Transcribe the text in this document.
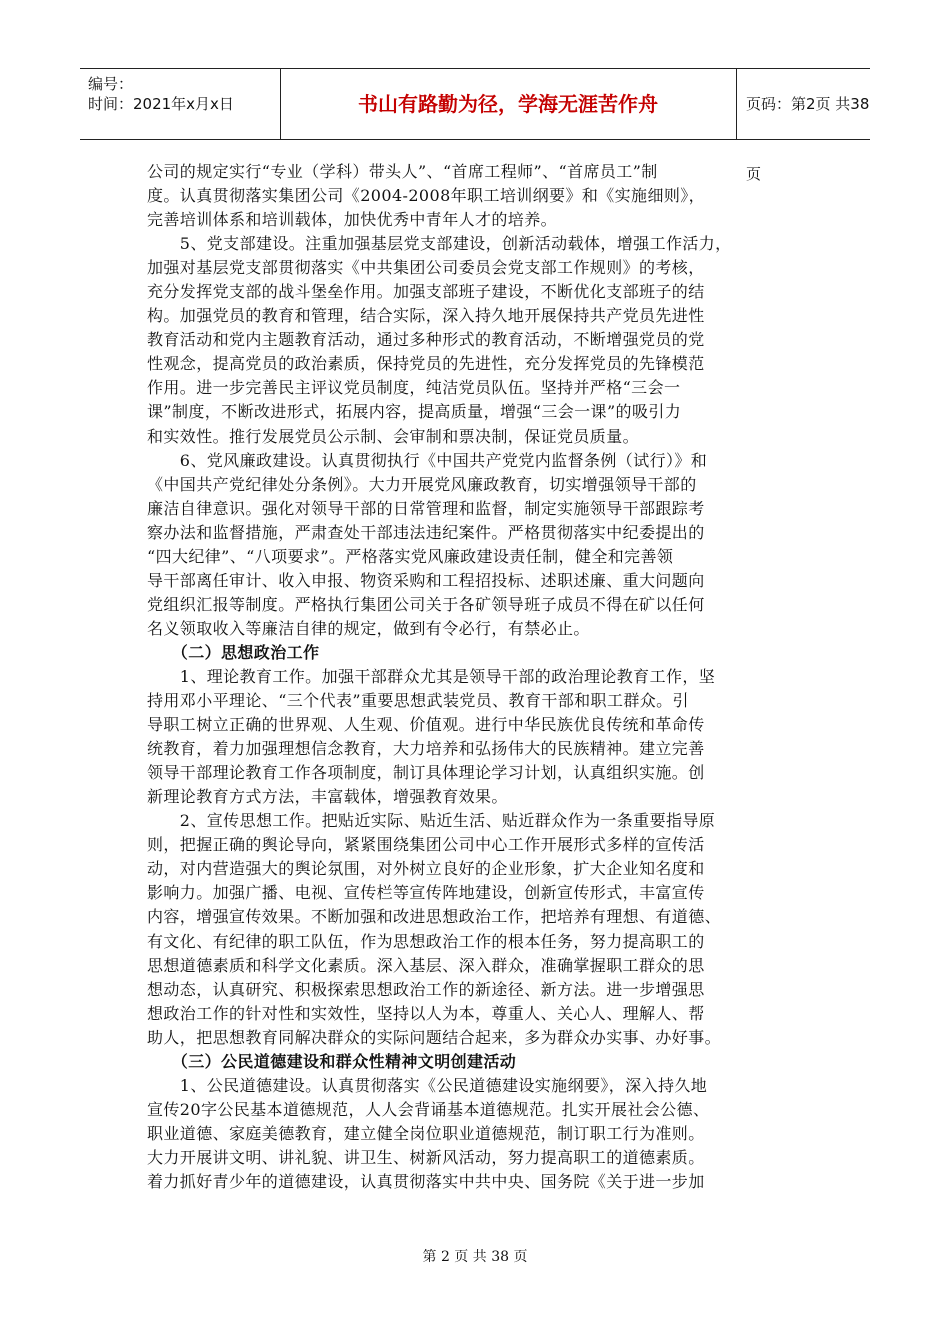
编号：
时间：2021年x月x日	书山有路勤为径，学海无涯苦作舟	页码：第2页 共38页
公司的规定实行“专业（学科）带头人”、“首席工程师”、“首席员工”制
度。认真贯彻落实集团公司《2004-2008年职工培训纲要》和《实施细则》，
完善培训体系和培训载体，加快优秀中青年人才的培养。
　　5、党支部建设。注重加强基层党支部建设，创新活动载体，增强工作活力，
加强对基层党支部贯彻落实《中共集团公司委员会党支部工作规则》的考核，
充分发挥党支部的战斗堡垒作用。加强支部班子建设，不断优化支部班子的结
构。加强党员的教育和管理，结合实际，深入持久地开展保持共产党员先进性
教育活动和党内主题教育活动，通过多种形式的教育活动，不断增强党员的党
性观念，提高党员的政治素质，保持党员的先进性，充分发挥党员的先锋模范
作用。进一步完善民主评议党员制度，纯洁党员队伍。坚持并严格“三会一
课”制度，不断改进形式，拓展内容，提高质量，增强“三会一课”的吸引力
和实效性。推行发展党员公示制、会审制和票决制，保证党员质量。
　　6、党风廉政建设。认真贯彻执行《中国共产党党内监督条例（试行）》和
《中国共产党纪律处分条例》。大力开展党风廉政教育，切实增强领导干部的
廉洁自律意识。强化对领导干部的日常管理和监督，制定实施领导干部跟踪考
察办法和监督措施，严肃查处干部违法违纪案件。严格贯彻落实中纪委提出的
“四大纪律”、“八项要求”。严格落实党风廉政建设责任制，健全和完善领
导干部离任审计、收入申报、物资采购和工程招投标、述职述廉、重大问题向
党组织汇报等制度。严格执行集团公司关于各矿领导班子成员不得在矿以任何
名义领取收入等廉洁自律的规定，做到有令必行，有禁必止。
　　（二）思想政治工作
　　1、理论教育工作。加强干部群众尤其是领导干部的政治理论教育工作，坚
持用邓小平理论、“三个代表”重要思想武装党员、教育干部和职工群众。引
导职工树立正确的世界观、人生观、价值观。进行中华民族优良传统和革命传
统教育，着力加强理想信念教育，大力培养和弘扬伟大的民族精神。建立完善
领导干部理论教育工作各项制度，制订具体理论学习计划，认真组织实施。创
新理论教育方式方法，丰富载体，增强教育效果。
　　2、宣传思想工作。把贴近实际、贴近生活、贴近群众作为一条重要指导原
则，把握正确的舆论导向，紧紧围绕集团公司中心工作开展形式多样的宣传活
动，对内营造强大的舆论氛围，对外树立良好的企业形象，扩大企业知名度和
影响力。加强广播、电视、宣传栏等宣传阵地建设，创新宣传形式，丰富宣传
内容，增强宣传效果。不断加强和改进思想政治工作，把培养有理想、有道德、
有文化、有纪律的职工队伍，作为思想政治工作的根本任务，努力提高职工的
思想道德素质和科学文化素质。深入基层、深入群众，准确掌握职工群众的思
想动态，认真研究、积极探索思想政治工作的新途径、新方法。进一步增强思
想政治工作的针对性和实效性，坚持以人为本，尊重人、关心人、理解人、帮
助人，把思想教育同解决群众的实际问题结合起来，多为群众办实事、办好事。
　　（三）公民道德建设和群众性精神文明创建活动
　　1、公民道德建设。认真贯彻落实《公民道德建设实施纲要》，深入持久地
宣传20字公民基本道德规范，人人会背诵基本道德规范。扎实开展社会公德、
职业道德、家庭美德教育，建立健全岗位职业道德规范，制订职工行为准则。
大力开展讲文明、讲礼貌、讲卫生、树新风活动，努力提高职工的道德素质。
着力抓好青少年的道德建设，认真贯彻落实中共中央、国务院《关于进一步加
第 2 页 共 38 页
